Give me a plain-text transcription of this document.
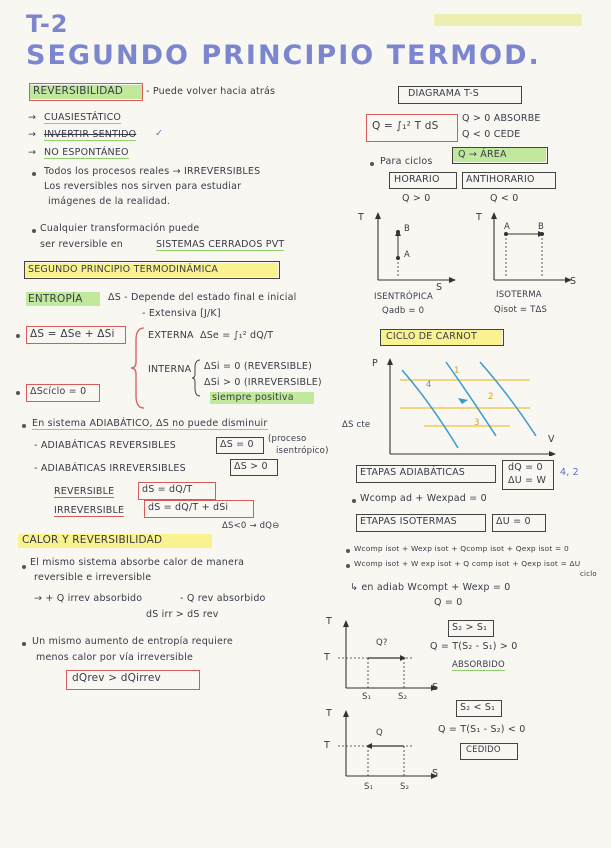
T-2
SEGUNDO PRINCIPIO TERMOD.
REVERSIBILIDAD - Puede volver hacia atrás
→ CUASIESTÁTICO
→ INVERTIR SENTIDO ✓
→ NO ESPONTÁNEO
Todos los procesos reales → IRREVERSIBLES
Los reversibles nos sirven para estudiar
imágenes de la realidad.
Cualquier transformación puede
ser reversible en	SISTEMAS CERRADOS PVT
SEGUNDO PRINCIPIO TERMODINÁMICA
ENTROPÍA	ΔS - Depende del estado final e inicial
- Extensiva [J/K]
ΔS = ΔSe + ΔSi	EXTERNA ΔSe = ∫₁² dQ/T
INTERNA ΔSi = 0 (REVERSIBLE)
ΔSi > 0 (IRREVERSIBLE)
siempre positiva
ΔScíclo = 0
En sistema ADIABÁTICO, ΔS no puede disminuir	ΔS cte
- ADIABÁTICAS REVERSIBLES	ΔS = 0 (proceso
isentrópico)
- ADIABÁTICAS IRREVERSIBLES	ΔS > 0
REVERSIBLE	dS = dQ/T
IRREVERSIBLE	dS = dQ/T + dSi
ΔS<0 → dQ⊖
CALOR Y REVERSIBILIDAD
El mismo sistema absorbe calor de manera
reversible e irreversible
→ + Q irrev absorbido	- Q rev absorbido
dS irr > dS rev
Un mismo aumento de entropía requiere
menos calor por vía irreversible
dQrev > dQirrev
DIAGRAMA T-S
Q = ∫₁² T dS
Q > 0 ABSORBE
Q < 0 CEDE
Para ciclos
Q → ÁREA
HORARIO	ANTIHORARIO
Q > 0	Q < 0
T
S
B
A
ISENTRÓPICA
Qadb = 0
T
S
A	B
ISOTERMA
Qisot = TΔS
CICLO DE CARNOT
P
V
1
2
3
4
ETAPAS ADIABÁTICAS	dQ = 0
ΔU = W
4, 2
Wcomp ad + Wexpad = 0
ETAPAS ISOTERMAS	ΔU = 0
Wcomp isot + Wexp isot + Qcomp isot + Qexp isot = 0
Wcomp isot + W exp isot + Q comp isot + Qexp isot = ΔU
ciclo
↳ en adiab Wcompt + Wexp = 0
Q = 0
T
T
S
Q?
S₁	S₂
S₂ > S₁
Q = T(S₂ - S₁) > 0
ABSORBIDO
T
T
S
Q
S₁	S₂
S₂ < S₁
Q = T(S₁ - S₂) < 0
CEDIDO
